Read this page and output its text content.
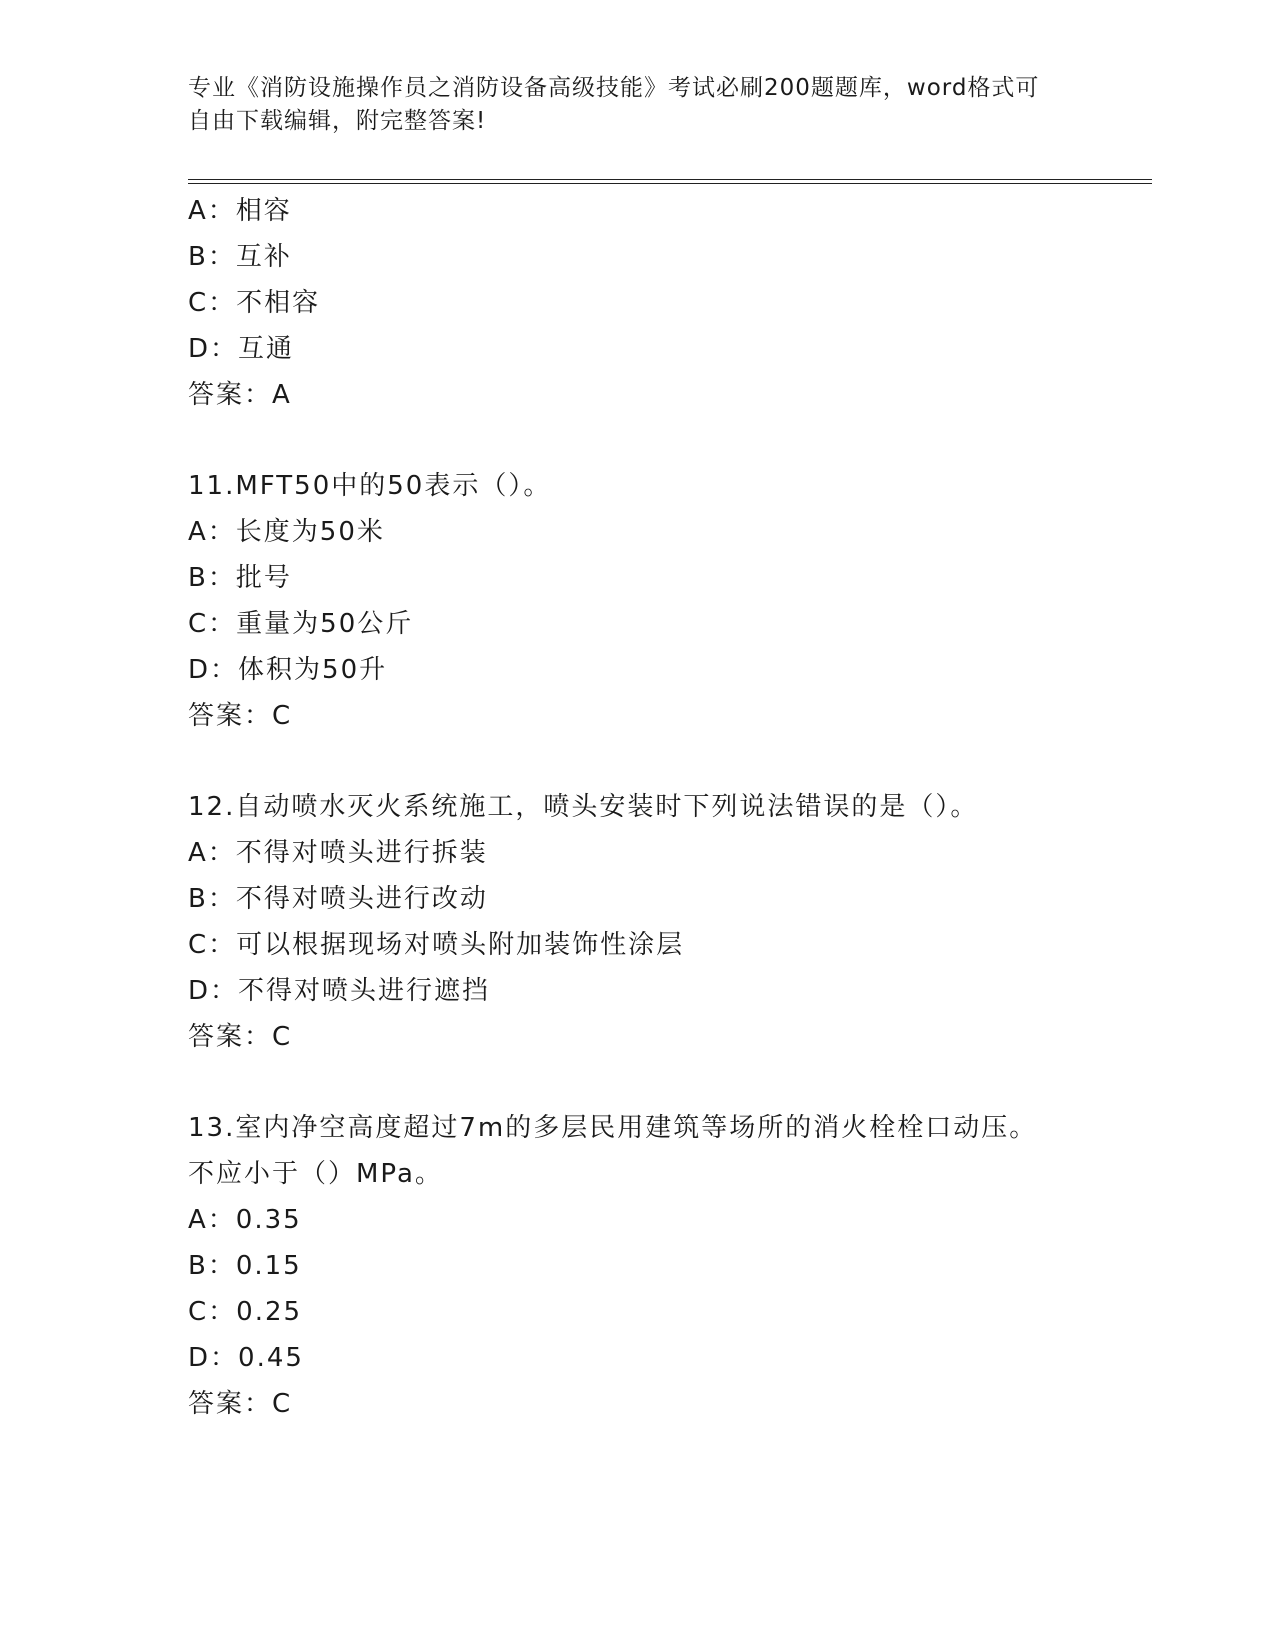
专业《消防设施操作员之消防设备高级技能》考试必刷200题题库，word格式可
自由下载编辑，附完整答案!
A：相容
B：互补
C：不相容
D：互通
答案：A
11.MFT50中的50表示（）。
A：长度为50米
B：批号
C：重量为50公斤
D：体积为50升
答案：C
12.自动喷水灭火系统施工，喷头安装时下列说法错误的是（）。
A：不得对喷头进行拆装
B：不得对喷头进行改动
C：可以根据现场对喷头附加装饰性涂层
D：不得对喷头进行遮挡
答案：C
13.室内净空高度超过7m的多层民用建筑等场所的消火栓栓口动压。
不应小于（）MPa。
A：0.35
B：0.15
C：0.25
D：0.45
答案：C
